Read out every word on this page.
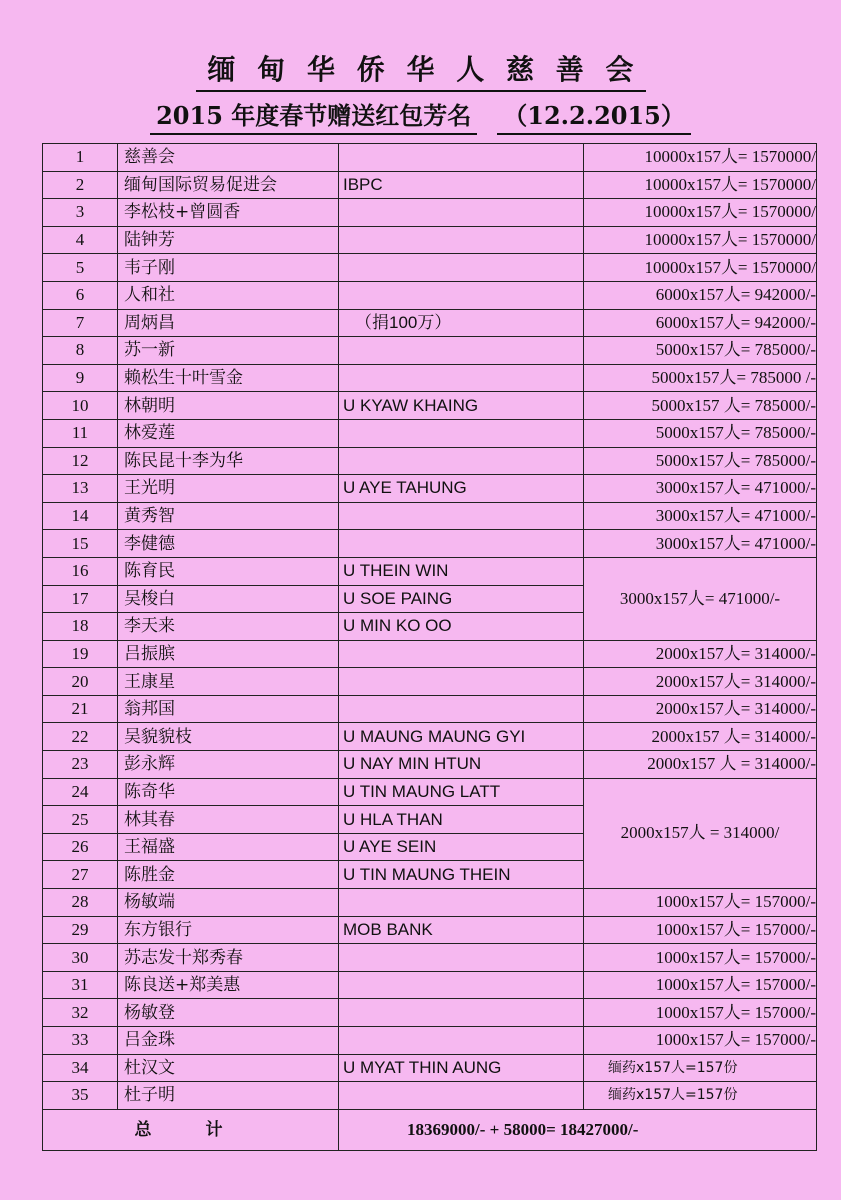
缅 甸 华 侨 华 人 慈 善 会
2015 年度春节赠送红包芳名 （12.2.2015）
1	慈善会		10000x157人= 1570000/
2	缅甸国际贸易促进会	IBPC	10000x157人= 1570000/
3	李松枝+曾圆香		10000x157人= 1570000/
4	陆钟芳		10000x157人= 1570000/
5	韦子刚		10000x157人= 1570000/
6	人和社		6000x157人= 942000/-
7	周炳昌	（捐100万）	6000x157人= 942000/-
8	苏一新		5000x157人= 785000/-
9	赖松生十叶雪金		5000x157人= 785000 /-
10	林朝明	U KYAW KHAING	5000x157 人= 785000/-
11	林爱莲		5000x157人= 785000/-
12	陈民昆十李为华		5000x157人= 785000/-
13	王光明	U AYE TAHUNG	3000x157人= 471000/-
14	黄秀智		3000x157人= 471000/-
15	李健德		3000x157人= 471000/-
16	陈育民	U THEIN WIN	3000x157人= 471000/-
17	吴梭白	U SOE PAING	
18	李天来	U MIN KO OO	
19	吕振膑		2000x157人= 314000/-
20	王康星		2000x157人= 314000/-
21	翁邦国		2000x157人= 314000/-
22	吴貌貌枝	U MAUNG MAUNG GYI	2000x157 人= 314000/-
23	彭永辉	U NAY MIN HTUN	2000x157 人 = 314000/-
24	陈奇华	U TIN MAUNG LATT	2000x157人 = 314000/
25	林其春	U HLA THAN	
26	王福盛	U AYE SEIN	
27	陈胜金	U TIN MAUNG THEIN	
28	杨敏端		1000x157人= 157000/-
29	东方银行	MOB BANK	1000x157人= 157000/-
30	苏志发十郑秀春		1000x157人= 157000/-
31	陈良送+郑美惠		1000x157人= 157000/-
32	杨敏登		1000x157人= 157000/-
33	吕金珠		1000x157人= 157000/-
34	杜汉文	U MYAT THIN AUNG	缅药x157人=157份
35	杜子明		缅药x157人=157份
总 计		18369000/- + 58000= 18427000/-	
